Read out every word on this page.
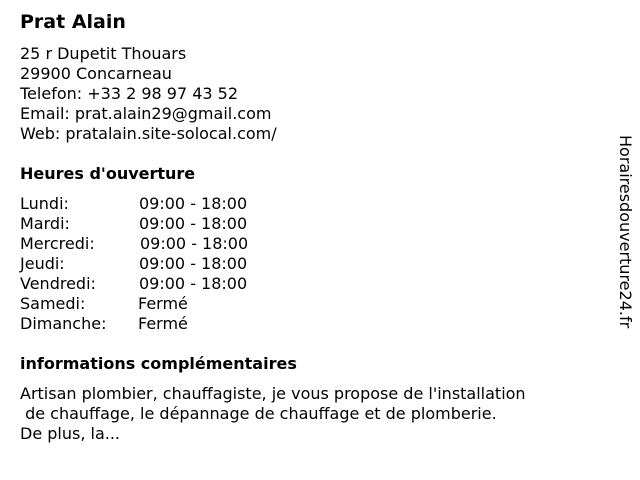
Prat Alain
25 r Dupetit Thouars
29900 Concarneau
Telefon: +33 2 98 97 43 52
Email: prat.alain29@gmail.com
Web: pratalain.site-solocal.com/
Heures d'ouverture
Lundi:	09:00 - 18:00
Mardi:	09:00 - 18:00
Mercredi:	09:00 - 18:00
Jeudi:	09:00 - 18:00
Vendredi:	09:00 - 18:00
Samedi:	Fermé
Dimanche: Fermé
informations complémentaires
Artisan plombier, chauffagiste, je vous propose de l'installation
de chauffage, le dépannage de chauffage et de plomberie.
De plus, la...
Horairesdouverture24.fr
